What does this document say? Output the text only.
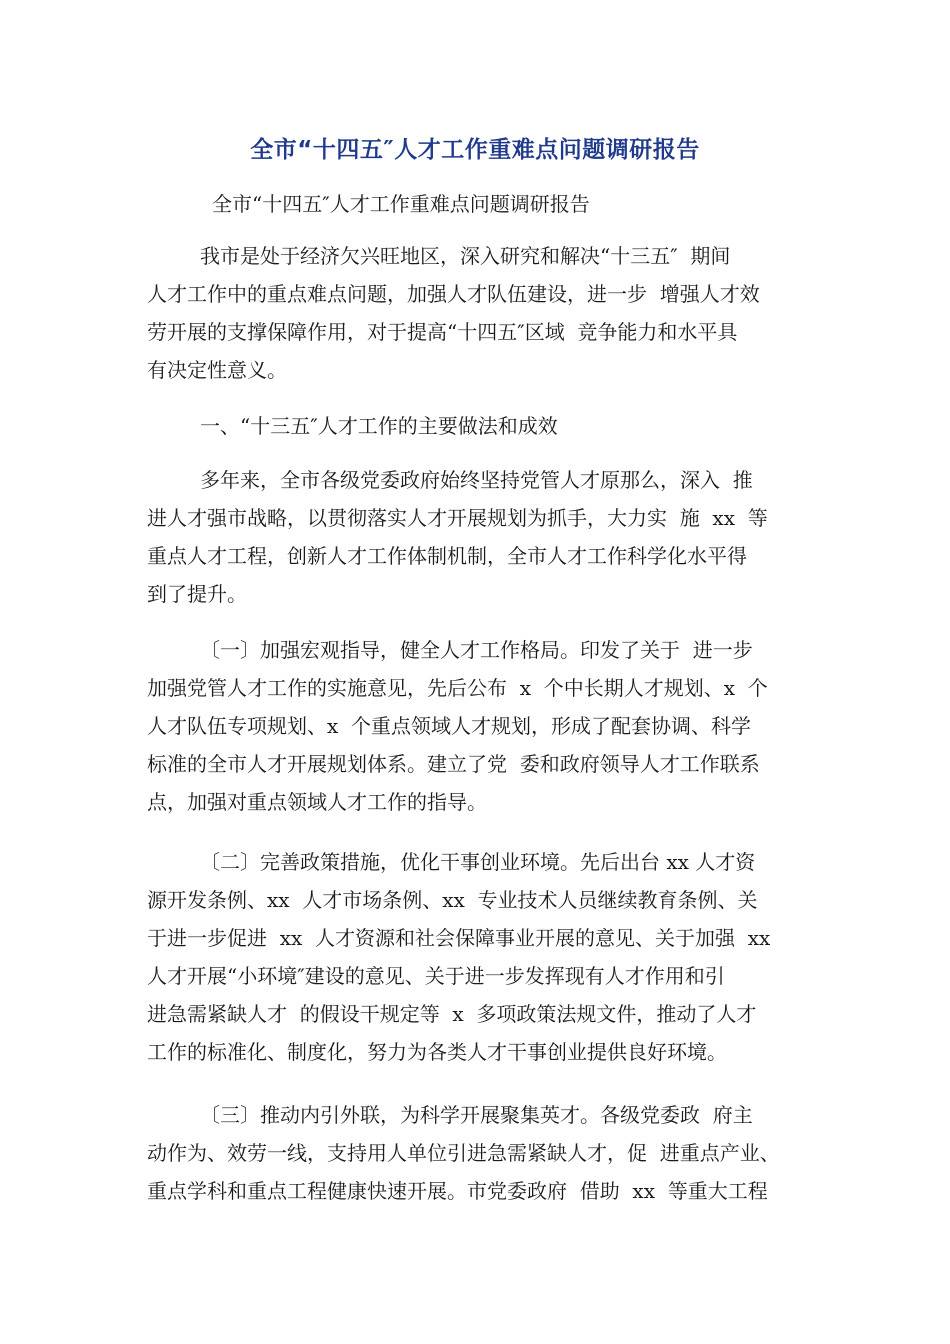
全市“十四五″人才工作重难点问题调研报告
全市“十四五″人才工作重难点问题调研报告
我市是处于经济欠兴旺地区，深入研究和解决“十三五″  期间
人才工作中的重点难点问题，加强人才队伍建设，进一步  增强人才效
劳开展的支撑保障作用，对于提高“十四五″区域  竞争能力和水平具
有决定性意义。
一、“十三五″人才工作的主要做法和成效
多年来，全市各级党委政府始终坚持党管人才原那么，深入  推
进人才强市战略，以贯彻落实人才开展规划为抓手，大力实  施  xx  等
重点人才工程，创新人才工作体制机制，全市人才工作科学化水平得
到了提升。
〔一〕加强宏观指导，健全人才工作格局。印发了关于  进一步
加强党管人才工作的实施意见，先后公布  x  个中长期人才规划、x  个
人才队伍专项规划、x  个重点领域人才规划，形成了配套协调、科学
标准的全市人才开展规划体系。建立了党  委和政府领导人才工作联系
点，加强对重点领域人才工作的指导。
〔二〕完善政策措施，优化干事创业环境。先后出台 xx 人才资
源开发条例、xx  人才市场条例、xx  专业技术人员继续教育条例、关
于进一步促进  xx  人才资源和社会保障事业开展的意见、关于加强  xx
人才开展“小环境″建设的意见、关于进一步发挥现有人才作用和引
进急需紧缺人才  的假设干规定等  x  多项政策法规文件，推动了人才
工作的标准化、制度化，努力为各类人才干事创业提供良好环境。
〔三〕推动内引外联，为科学开展聚集英才。各级党委政  府主
动作为、效劳一线，支持用人单位引进急需紧缺人才，促  进重点产业、
重点学科和重点工程健康快速开展。市党委政府  借助  xx  等重大工程
